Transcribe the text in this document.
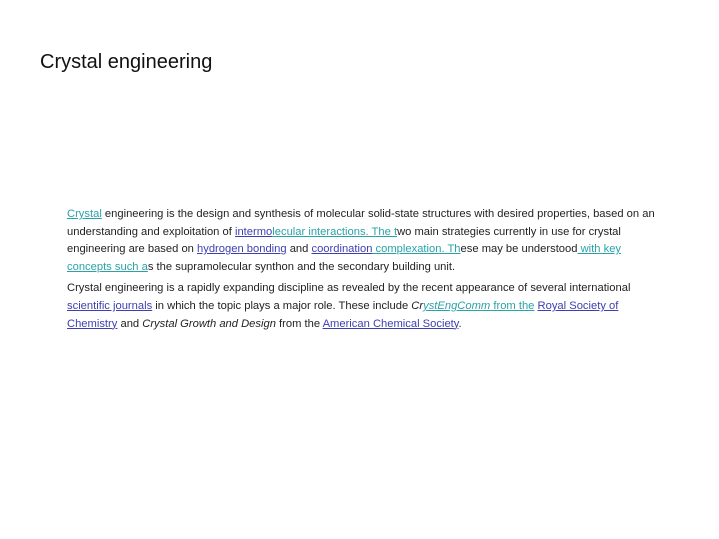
Crystal engineering

Crystal engineering is the design and synthesis of molecular solid-state structures with desired properties, based on an understanding and exploitation of intermolecular interactions. The two main strategies currently in use for crystal engineering are based on hydrogen bonding and coordination complexation. These may be understood with key concepts such as the supramolecular synthon and the secondary building unit.

Crystal engineering is a rapidly expanding discipline as revealed by the recent appearance of several international scientific journals in which the topic plays a major role. These include CrystEngComm from the Royal Society of Chemistry and Crystal Growth and Design from the American Chemical Society.
